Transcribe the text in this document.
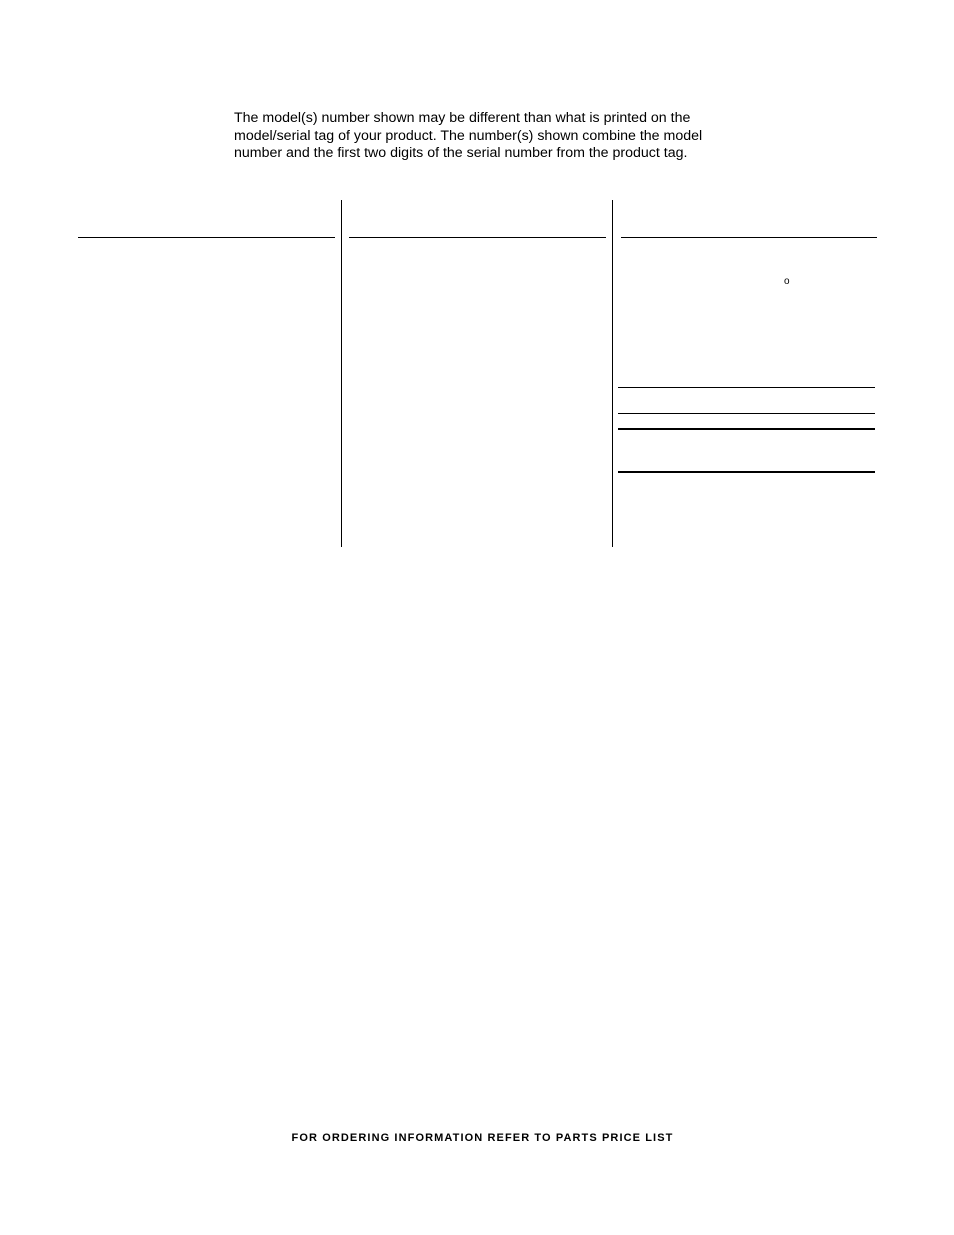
The model(s) number shown may be different than what is printed on the
model/serial tag of your product. The number(s) shown combine the model
number and the first two digits of the serial number from the product tag.
o
FOR ORDERING INFORMATION REFER TO PARTS PRICE LIST
